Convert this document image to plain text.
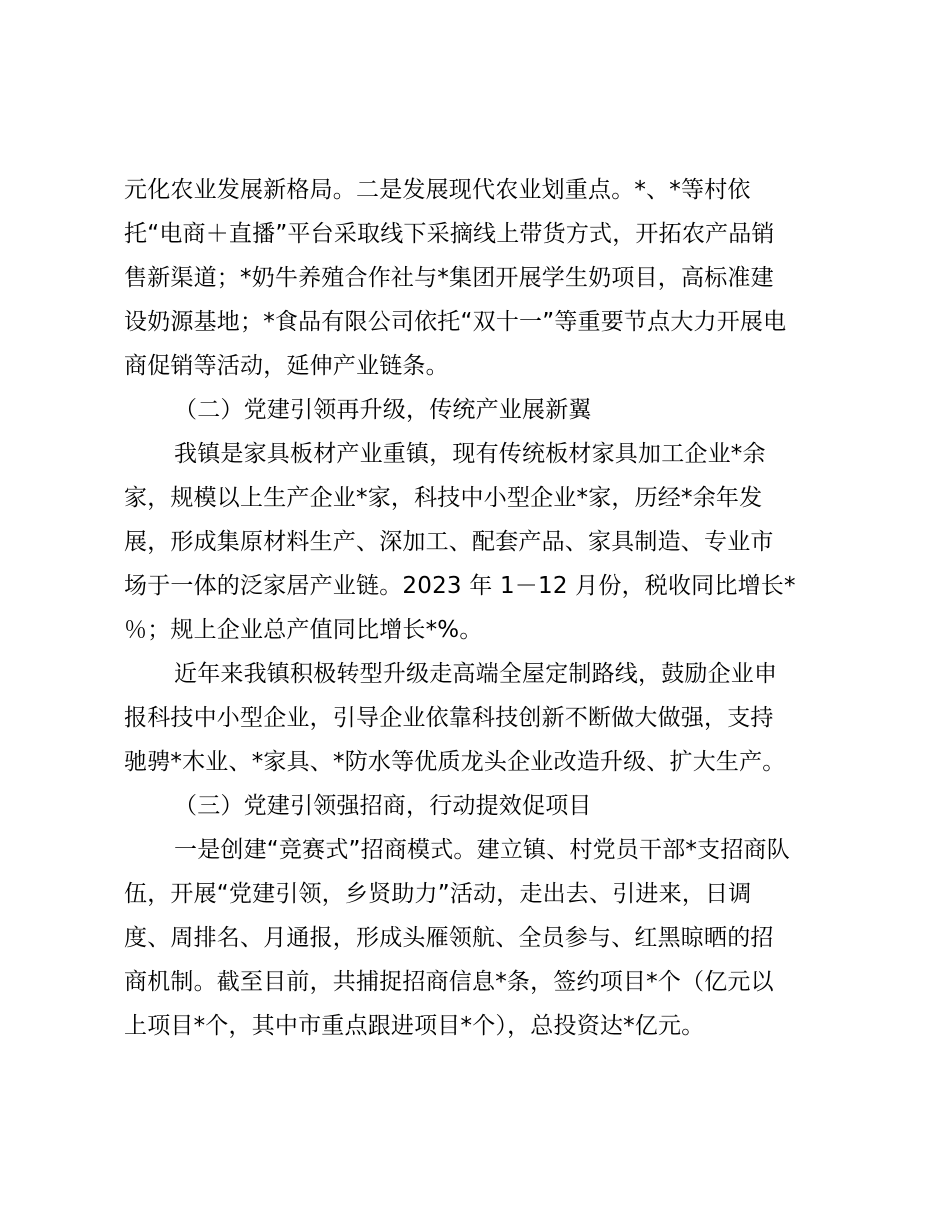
元化农业发展新格局。二是发展现代农业划重点。*、*等村依
托“电商＋直播”平台采取线下采摘线上带货方式，开拓农产品销
售新渠道；*奶牛养殖合作社与*集团开展学生奶项目，高标准建
设奶源基地；*食品有限公司依托“双十一”等重要节点大力开展电
商促销等活动，延伸产业链条。
（二）党建引领再升级，传统产业展新翼
我镇是家具板材产业重镇，现有传统板材家具加工企业*余
家，规模以上生产企业*家，科技中小型企业*家，历经*余年发
展，形成集原材料生产、深加工、配套产品、家具制造、专业市
场于一体的泛家居产业链。2023 年 1－12 月份，税收同比增长*
％；规上企业总产值同比增长*%。
近年来我镇积极转型升级走高端全屋定制路线，鼓励企业申
报科技中小型企业，引导企业依靠科技创新不断做大做强，支持
驰骋*木业、*家具、*防水等优质龙头企业改造升级、扩大生产。
（三）党建引领强招商，行动提效促项目
一是创建“竞赛式”招商模式。建立镇、村党员干部*支招商队
伍，开展“党建引领，乡贤助力”活动，走出去、引进来，日调
度、周排名、月通报，形成头雁领航、全员参与、红黑晾晒的招
商机制。截至目前，共捕捉招商信息*条，签约项目*个（亿元以
上项目*个，其中市重点跟进项目*个），总投资达*亿元。
